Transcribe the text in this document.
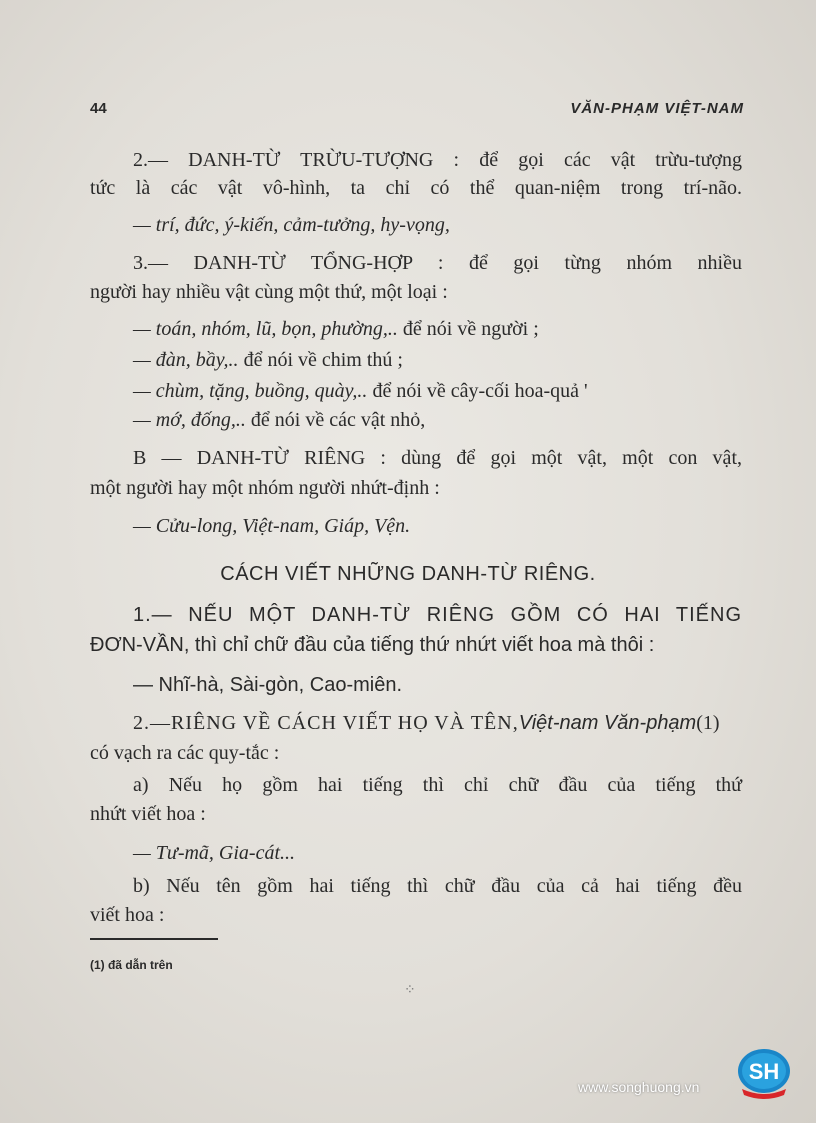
44	VĂN-PHẠM VIỆT-NAM
2.— DANH-TỪ TRỪU-TƯỢNG : để gọi các vật trừu-tượng
tức là các vật vô-hình, ta chỉ có thể quan-niệm trong trí-não.
— trí, đức, ý-kiến, cảm-tưởng, hy-vọng,
3.— DANH-TỪ TỔNG-HỢP : để gọi từng nhóm nhiều
người hay nhiều vật cùng một thứ, một loại :
— toán, nhóm, lũ, bọn, phường,.. để nói về người ;
— đàn, bầy,.. để nói về chim thú ;
— chùm, tặng, buồng, quày,.. để nói về cây-cối hoa-quả '
— mớ, đống,.. để nói về các vật nhỏ,
B — DANH-TỪ RIÊNG : dùng để gọi một vật, một con vật,
một người hay một nhóm người nhứt-định :
— Cửu-long, Việt-nam, Giáp, Vện.
CÁCH VIẾT NHỮNG DANH-TỪ RIÊNG.
1.— NẾU MỘT DANH-TỪ RIÊNG GỒM CÓ HAI TIẾNG
ĐƠN-VẦN, thì chỉ chữ đầu của tiếng thứ nhứt viết hoa mà thôi :
— Nhĩ-hà, Sài-gòn, Cao-miên.
2.—RIÊNG VỀ CÁCH VIẾT HỌ VÀ TÊN,Việt-nam Văn-phạm(1)
có vạch ra các quy-tắc :
a) Nếu họ gồm hai tiếng thì chỉ chữ đầu của tiếng thứ
nhứt viết hoa :
— Tư-mã, Gia-cát...
b) Nếu tên gồm hai tiếng thì chữ đầu của cả hai tiếng đều
viết hoa :
(1) đã dẫn trên
⁘
www.songhuong.vn
SH
